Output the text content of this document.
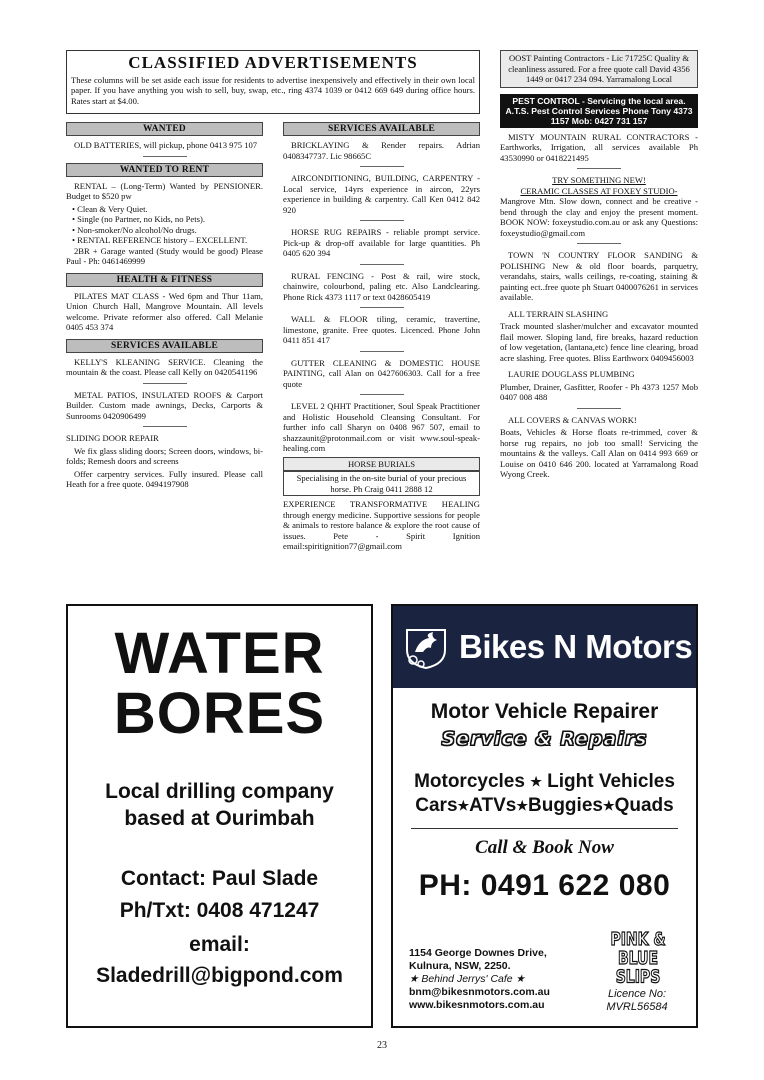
CLASSIFIED ADVERTISEMENTS
These columns will be set aside each issue for residents to advertise inexpensively and effectively in their own local paper. If you have anything you wish to sell, buy, swap, etc., ring 4374 1039 or 0412 669 649 during office hours. Rates start at $4.00.
WANTED
OLD BATTERIES, will pickup, phone 0413 975 107
WANTED TO RENT
RENTAL – (Long-Term) Wanted by PENSIONER. Budget to $520 pw
• Clean & Very Quiet.
• Single (no Partner, no Kids, no Pets).
• Non-smoker/No alcohol/No drugs.
• RENTAL REFERENCE history – EXCELLENT.
2BR + Garage wanted (Study would be good) Please Paul - Ph: 0461469999
HEALTH & FITNESS
PILATES MAT CLASS - Wed 6pm and Thur 11am, Union Church Hall, Mangrove Mountain. All levels welcome. Private reformer also offered. Call Melanie 0405 453 374
SERVICES AVAILABLE
KELLY'S KLEANING SERVICE. Cleaning the mountain & the coast. Please call Kelly on 0420541196
METAL PATIOS, INSULATED ROOFS & Carport Builder. Custom made awnings, Decks, Carports & Sunrooms 0420906499
SLIDING DOOR REPAIR
We fix glass sliding doors; Screen doors, windows, bi-folds; Remesh doors and screens
Offer carpentry services. Fully insured. Please call Heath for a free quote. 0494197908
SERVICES AVAILABLE
BRICKLAYING & Render repairs. Adrian 0408347737. Lic 98665C
AIRCONDITIONING, BUILDING, CARPENTRY - Local service, 14yrs experience in aircon, 22yrs experience in building & carpentry. Call Ken 0412 842 920
HORSE RUG REPAIRS - reliable prompt service. Pick-up & drop-off available for large quantities. Ph 0405 620 394
RURAL FENCING - Post & rail, wire stock, chainwire, colourbond, paling etc. Also Landclearing. Phone Rick 4373 1117 or text 0428605419
WALL & FLOOR tiling, ceramic, travertine, limestone, granite. Free quotes. Licenced. Phone John 0411 851 417
GUTTER CLEANING & DOMESTIC HOUSE PAINTING, call Alan on 0427606303. Call for a free quote
LEVEL 2 QHHT Practitioner, Soul Speak Practitioner and Holistic Household Cleansing Consultant. For further info call Sharyn on 0408 967 507, email to shazzaunit@protonmail.com or visit www.soul-speak-healing.com
HORSE BURIALS
Specialising in the on-site burial of your precious horse. Ph Craig 0411 2888 12
EXPERIENCE TRANSFORMATIVE HEALING through energy medicine. Supportive sessions for people & animals to restore balance & explore the root cause of issues. Pete - Spirit Ignition email:spiritignition77@gmail.com
OOST Painting Contractors - Lic 71725C Quality & cleanliness assured. For a free quote call David 4356 1449 or 0417 234 094. Yarramalong Local
PEST CONTROL - Servicing the local area. A.T.S. Pest Control Services Phone Tony 4373 1157 Mob: 0427 731 157
MISTY MOUNTAIN RURAL CONTRACTORS - Earthworks, Irrigation, all services available Ph 43530990 or 0418221495
TRY SOMETHING NEW!
CERAMIC CLASSES AT FOXEY STUDIO-
Mangrove Mtn. Slow down, connect and be creative - bend through the clay and enjoy the present moment. BOOK NOW: foxeystudio.com.au or ask any Questions: foxeystudio@gmail.com
TOWN 'N COUNTRY FLOOR SANDING & POLISHING New & old floor boards, parquetry, verandahs, stairs, walls ceilings, re-coating, staining & painting ect..free quote ph Stuart 0400076261 in services available.
ALL TERRAIN SLASHING
Track mounted slasher/mulcher and excavator mounted flail mower. Sloping land, fire breaks, hazard reduction of low vegetation, (lantana,etc) fence line clearing, broad acre slashing. Free quotes. Bliss Earthworx 0409456003
LAURIE DOUGLASS PLUMBING
Plumber, Drainer, Gasfitter, Roofer - Ph 4373 1257 Mob 0407 008 488
ALL COVERS & CANVAS WORK!
Boats, Vehicles & Horse floats re-trimmed, cover & horse rug repairs, no job too small! Servicing the mountains & the valleys. Call Alan on 0414 993 669 or Louise on 0410 646 200. located at Yarramalong Road Wyong Creek.
WATER
BORES
Local drilling company
based at Ourimbah
Contact: Paul Slade
Ph/Txt: 0408 471247
email:
Sladedrill@bigpond.com
Bikes N Motors
Motor Vehicle Repairer
Service & Repairs
Motorcycles ★ Light Vehicles
Cars★ATVs★Buggies★Quads
Call & Book Now
PH: 0491 622 080
1154 George Downes Drive,
Kulnura, NSW, 2250.
★ Behind Jerrys' Cafe ★
bnm@bikesnmotors.com.au
www.bikesnmotors.com.au
PINK & BLUE
SLIPS
Licence No:
MVRL56584
23
